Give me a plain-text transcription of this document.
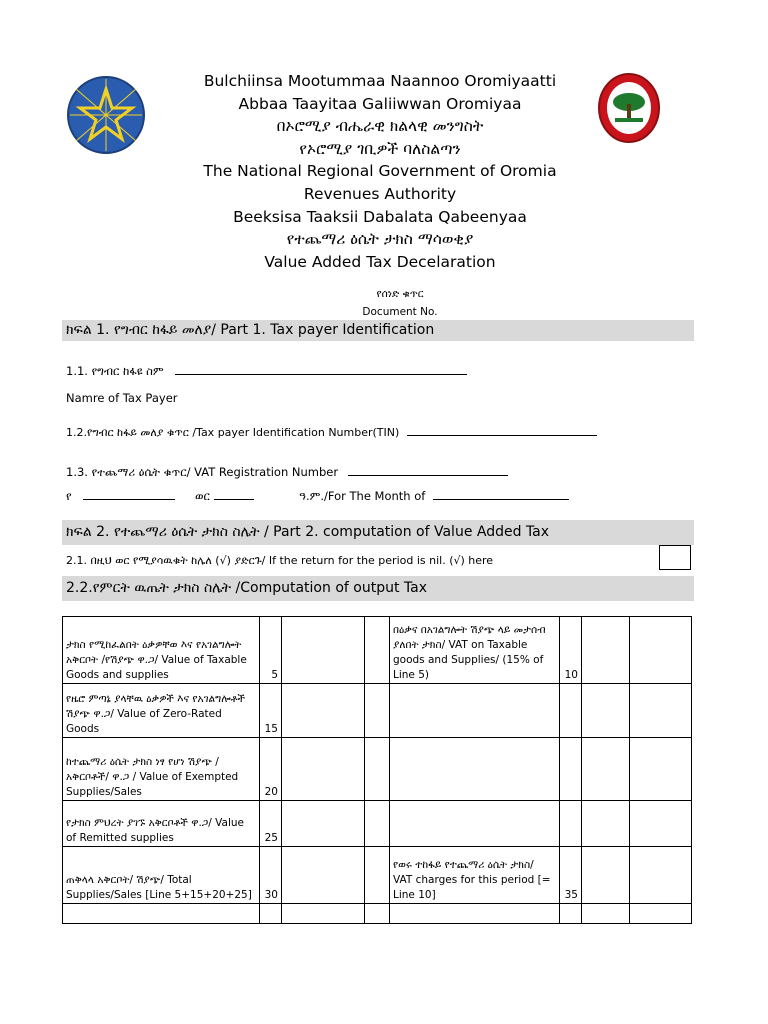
Bulchiinsa Mootummaa Naannoo Oromiyaatti
Abbaa Taayitaa Galiiwwan Oromiyaa
በኦሮሚያ ብሔራዊ ክልላዊ መንግስት
የኦሮሚያ ገቢዎች ባለስልጣን
The National Regional Government of Oromia
Revenues Authority
Beeksisa Taaksii Dabalata Qabeenyaa
የተጨማሪ ዕሴት ታክስ ማሳወቂያ
Value Added Tax Decelaration
የሰነድ ቁጥር
Document No.
ክፍል 1. የግብር ከፋይ መለያ/ Part 1. Tax payer Identification
1.1. የግብር ከፋዩ ስም
Namre of Tax Payer
1.2.የግብር ከፋይ መለያ ቁጥር /Tax payer Identification Number(TIN)
1.3. የተጨማሪ ዕሴት ቁጥር/ VAT Registration Number
የ	ወር	ዓ.ም./For The Month of
ክፍል 2. የተጨማሪ ዕሴት ታክስ ስሌት / Part 2. computation of Value Added Tax
2.1. በዚህ ወር የሚያሳዉቁት ከሌለ (√) ያድርጉ/ If the return for the period is nil. (√) here
2.2.የምርት ዉጤት ታክስ ስሌት /Computation of output Tax
ታክስ የሚከፈልበት ዕቃዎቸወ እና የአገልግሎት አቅርቦት /የሽያጭ ዋ.ጋ/ Value of Taxable Goods and supplies	5			በዕቃና በአገልግሎት ሽያጭ ላይ መታሰብ ያለበት ታክስ/ VAT on Taxable goods and Supplies/ (15% of Line 5)	10		
የዜሮ ምጣኔ ያላቸዉ ዕቃዎች እና የአገልግሎቶች ሽያጭ ዋ.ጋ/ Value of Zero-Rated Goods	15						
ከተጨማሪ ዕሴት ታክስ ነፃ የሆነ ሽያጭ /አቅርቦቶች/ ዋ.ጋ / Value of Exempted Supplies/Sales	20						
የታክስ ምህረት ያገኙ አቅርቦቶች ዋ.ጋ/ Value of Remitted supplies	25						
ጠቅላላ አቅርቦት/ ሽያጭ/ Total Supplies/Sales [Line 5+15+20+25]	30			የወሩ ተከፋይ የተጨማሪ ዕሴት ታክስ/ VAT charges for this period [= Line 10]	35		
